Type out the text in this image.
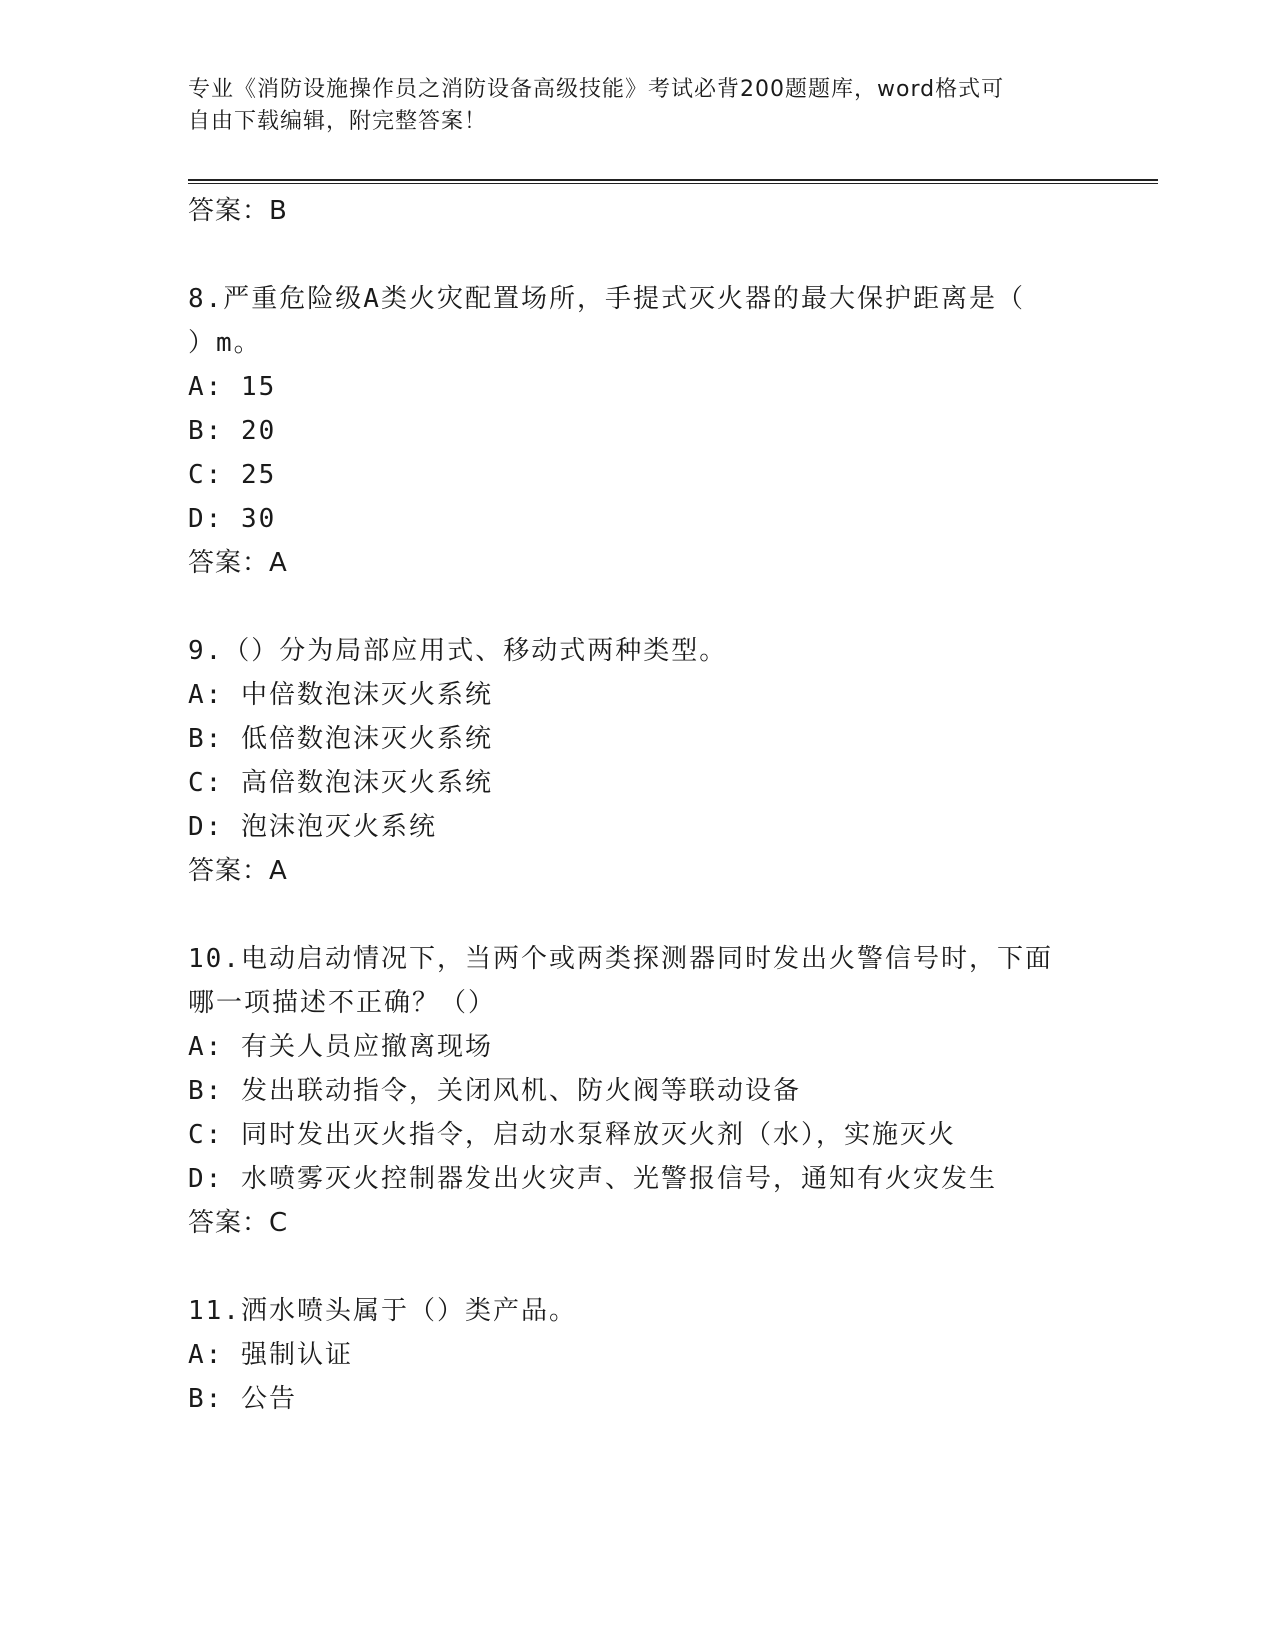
专业《消防设施操作员之消防设备高级技能》考试必背200题题库，word格式可
自由下载编辑，附完整答案！
答案：B
8.严重危险级A类火灾配置场所，手提式灭火器的最大保护距离是（
）m。
A: 15
B: 20
C: 25
D: 30
答案：A
9.（）分为局部应用式、移动式两种类型。
A: 中倍数泡沫灭火系统
B: 低倍数泡沫灭火系统
C: 高倍数泡沫灭火系统
D: 泡沫泡灭火系统
答案：A
10.电动启动情况下，当两个或两类探测器同时发出火警信号时，下面
哪一项描述不正确？（）
A: 有关人员应撤离现场
B: 发出联动指令，关闭风机、防火阀等联动设备
C: 同时发出灭火指令，启动水泵释放灭火剂（水），实施灭火
D: 水喷雾灭火控制器发出火灾声、光警报信号，通知有火灾发生
答案：C
11.洒水喷头属于（）类产品。
A: 强制认证
B: 公告
